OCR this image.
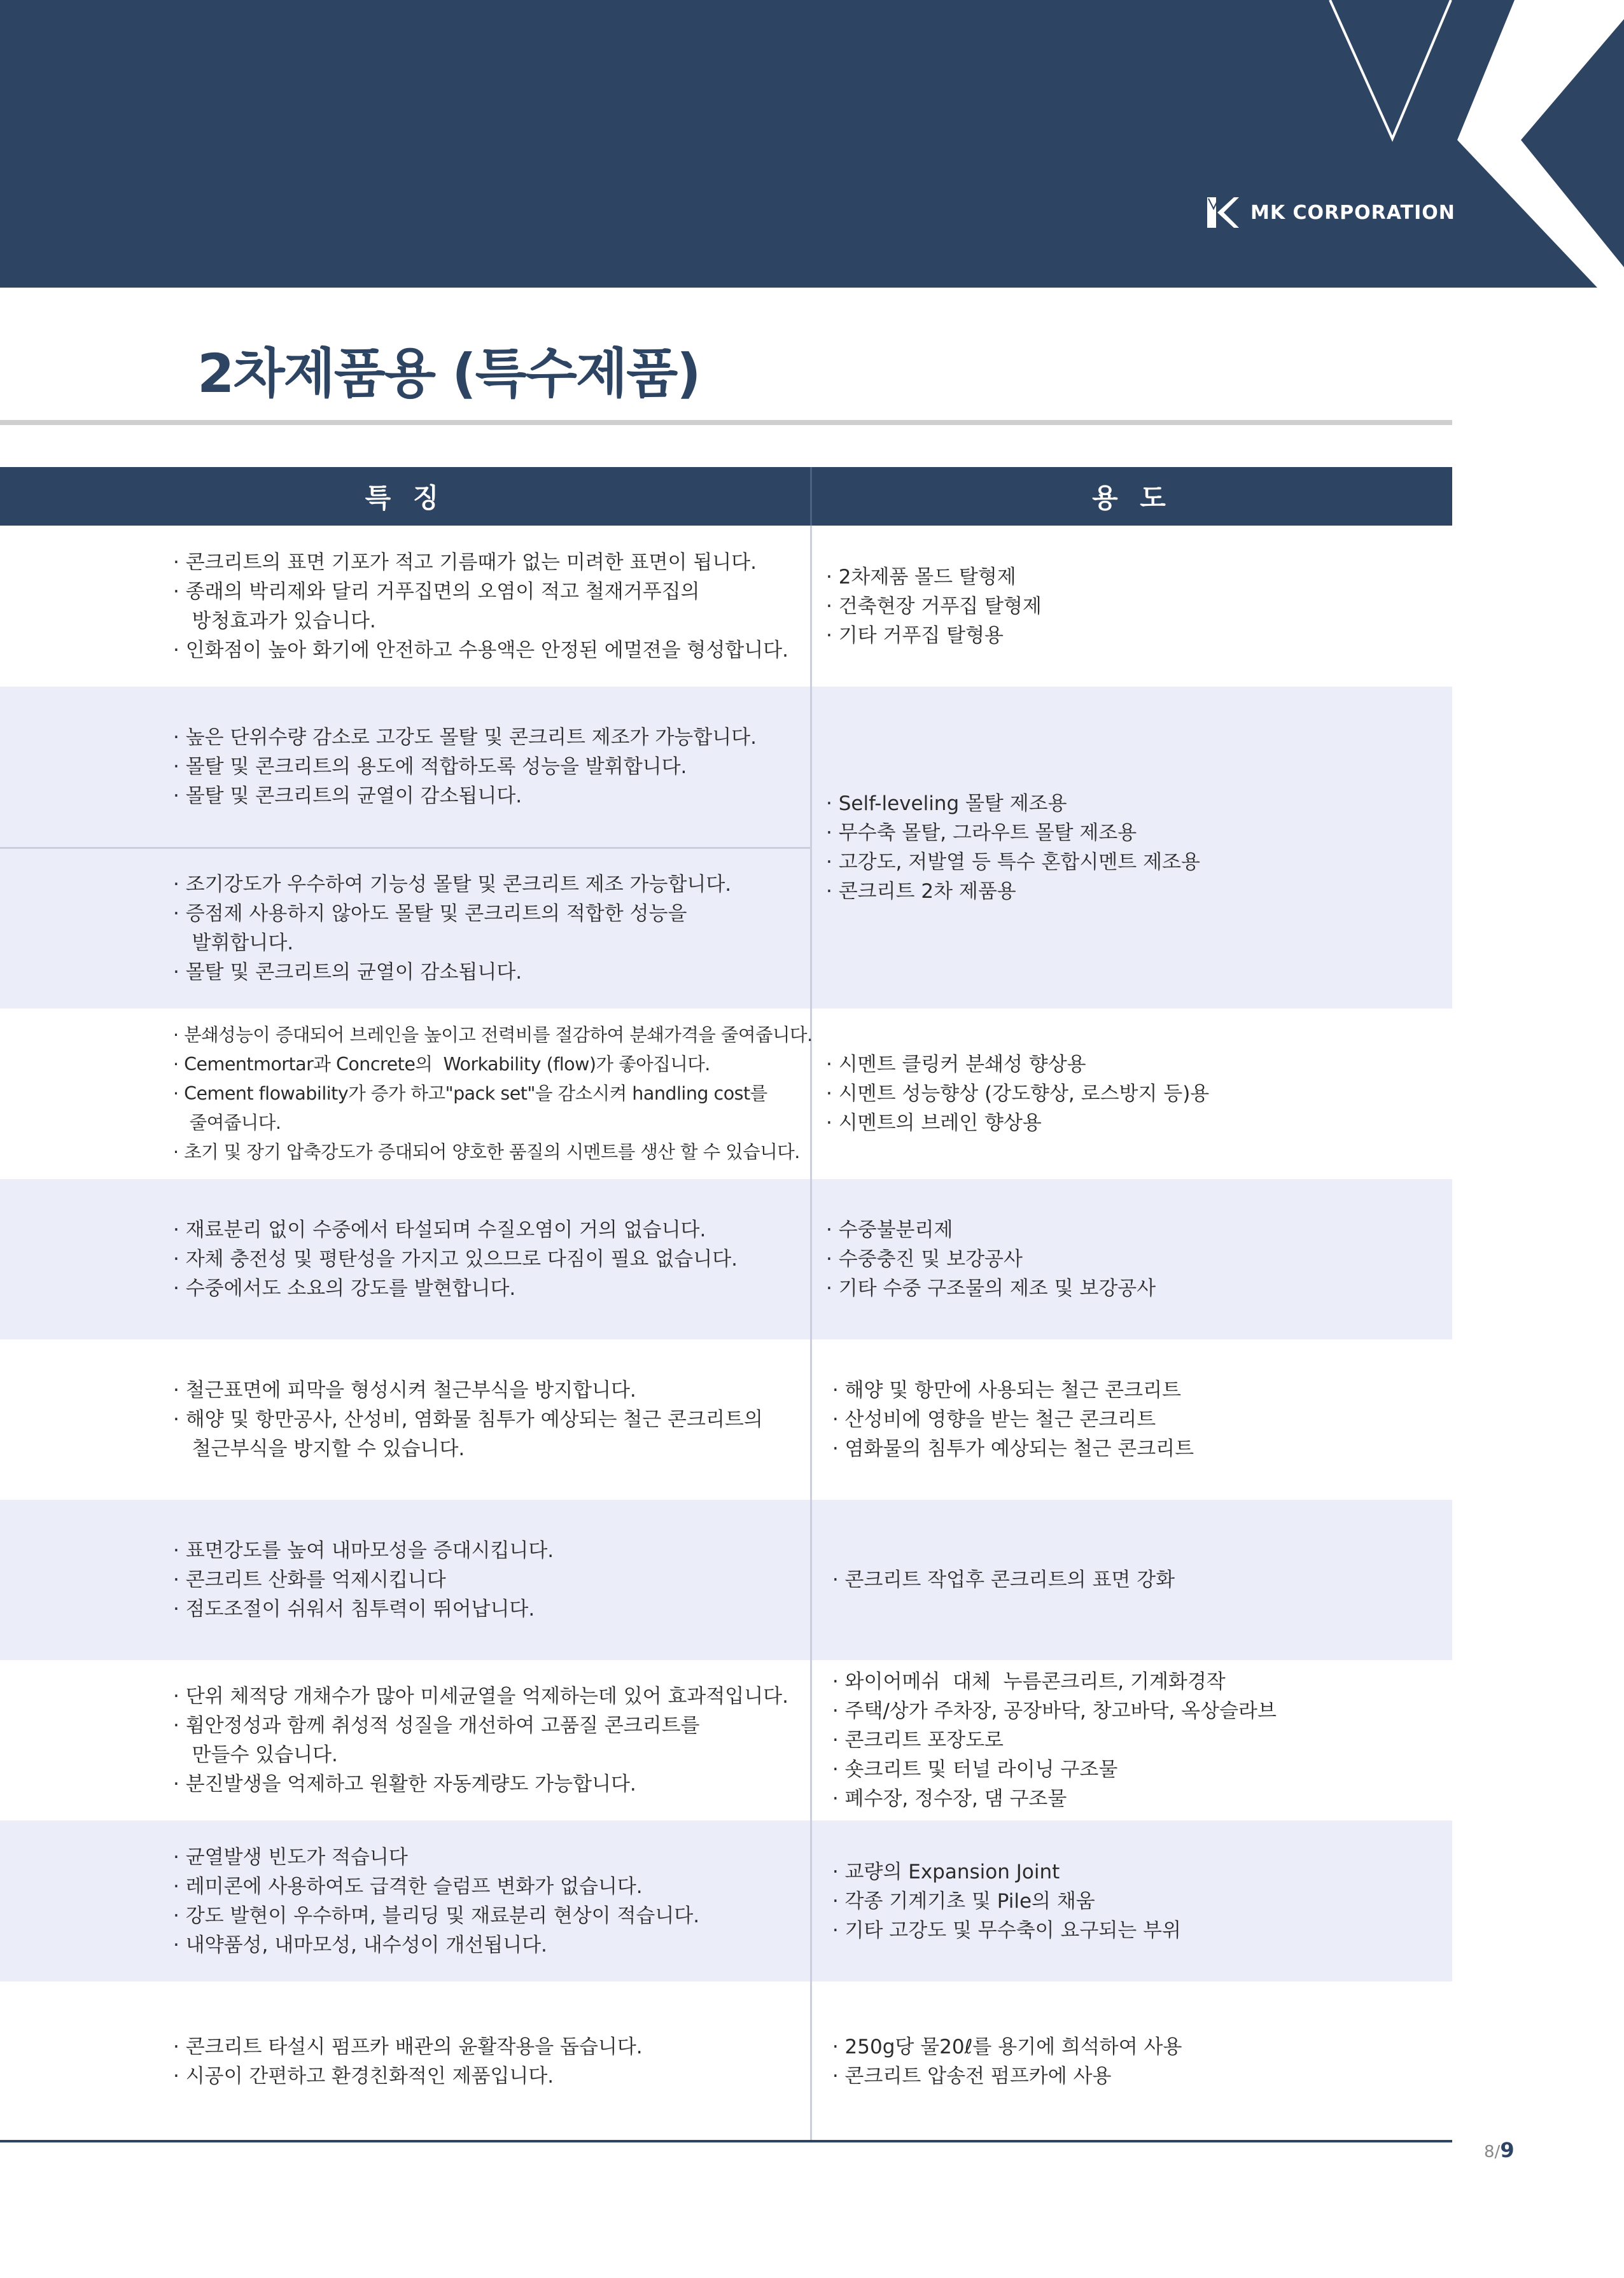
MK CORPORATION
2차제품용 (특수제품)
특 징	용 도
· 콘크리트의 표면 기포가 적고 기름때가 없는 미려한 표면이 됩니다.
· 종래의 박리제와 달리 거푸집면의 오염이 적고 철재거푸집의
방청효과가 있습니다.
· 인화점이 높아 화기에 안전하고 수용액은 안정된 에멀젼을 형성합니다.
· 2차제품 몰드 탈형제
· 건축현장 거푸집 탈형제
· 기타 거푸집 탈형용
· 높은 단위수량 감소로 고강도 몰탈 및 콘크리트 제조가 가능합니다.
· 몰탈 및 콘크리트의 용도에 적합하도록 성능을 발휘합니다.
· 몰탈 및 콘크리트의 균열이 감소됩니다.
· 조기강도가 우수하여 기능성 몰탈 및 콘크리트 제조 가능합니다.
· 증점제 사용하지 않아도 몰탈 및 콘크리트의 적합한 성능을
발휘합니다.
· 몰탈 및 콘크리트의 균열이 감소됩니다.
· Self-leveling 몰탈 제조용
· 무수축 몰탈, 그라우트 몰탈 제조용
· 고강도, 저발열 등 특수 혼합시멘트 제조용
· 콘크리트 2차 제품용
· 분쇄성능이 증대되어 브레인을 높이고 전력비를 절감하여 분쇄가격을 줄여줍니다.
· Cementmortar과 Concrete의  Workability (flow)가 좋아집니다.
· Cement flowability가 증가 하고"pack set"을 감소시켜 handling cost를
줄여줍니다.
· 초기 및 장기 압축강도가 증대되어 양호한 품질의 시멘트를 생산 할 수 있습니다.
· 시멘트 클링커 분쇄성 향상용
· 시멘트 성능향상 (강도향상, 로스방지 등)용
· 시멘트의 브레인 향상용
· 재료분리 없이 수중에서 타설되며 수질오염이 거의 없습니다.
· 자체 충전성 및 평탄성을 가지고 있으므로 다짐이 필요 없습니다.
· 수중에서도 소요의 강도를 발현합니다.
· 수중불분리제
· 수중충진 및 보강공사
· 기타 수중 구조물의 제조 및 보강공사
· 철근표면에 피막을 형성시켜 철근부식을 방지합니다.
· 해양 및 항만공사, 산성비, 염화물 침투가 예상되는 철근 콘크리트의
철근부식을 방지할 수 있습니다.
· 해양 및 항만에 사용되는 철근 콘크리트
· 산성비에 영향을 받는 철근 콘크리트
· 염화물의 침투가 예상되는 철근 콘크리트
· 표면강도를 높여 내마모성을 증대시킵니다.
· 콘크리트 산화를 억제시킵니다
· 점도조절이 쉬워서 침투력이 뛰어납니다.
· 콘크리트 작업후 콘크리트의 표면 강화
· 단위 체적당 개채수가 많아 미세균열을 억제하는데 있어 효과적입니다.
· 휨안정성과 함께 취성적 성질을 개선하여 고품질 콘크리트를
만들수 있습니다.
· 분진발생을 억제하고 원활한 자동계량도 가능합니다.
· 와이어메쉬  대체  누름콘크리트, 기계화경작
· 주택/상가 주차장, 공장바닥, 창고바닥, 옥상슬라브
· 콘크리트 포장도로
· 숏크리트 및 터널 라이닝 구조물
· 폐수장, 정수장, 댐 구조물
· 균열발생 빈도가 적습니다
· 레미콘에 사용하여도 급격한 슬럼프 변화가 없습니다.
· 강도 발현이 우수하며, 블리딩 및 재료분리 현상이 적습니다.
· 내약품성, 내마모성, 내수성이 개선됩니다.
· 교량의 Expansion Joint
· 각종 기계기초 및 Pile의 채움
· 기타 고강도 및 무수축이 요구되는 부위
· 콘크리트 타설시 펌프카 배관의 윤활작용을 돕습니다.
· 시공이 간편하고 환경친화적인 제품입니다.
· 250g당 물20ℓ를 용기에 희석하여 사용
· 콘크리트 압송전 펌프카에 사용
8/9
